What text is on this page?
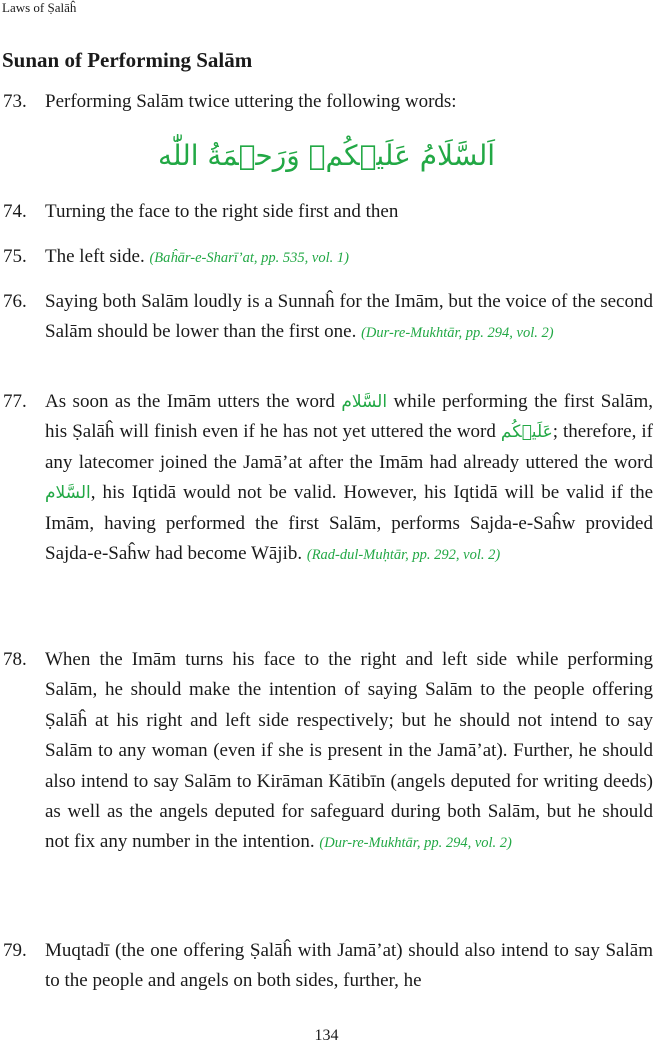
Laws of Ṣalāĥ
Sunan of Performing Salām
73. Performing Salām twice uttering the following words:
اَلسَّلَامُ عَلَيۡكُمۡ وَرَحۡمَةُ اللّٰه
74. Turning the face to the right side first and then
75. The left side. (Baĥār-e-Sharī’at, pp. 535, vol. 1)
76. Saying both Salām loudly is a Sunnaĥ for the Imām, but the voice of the second Salām should be lower than the first one. (Dur-re-Mukhtār, pp. 294, vol. 2)
77. As soon as the Imām utters the word السَّلام while performing the first Salām, his Ṣalāĥ will finish even if he has not yet uttered the word عَلَيۡكُم; therefore, if any latecomer joined the Jamā’at after the Imām had already uttered the word السَّلام, his Iqtidā would not be valid. However, his Iqtidā will be valid if the Imām, having performed the first Salām, performs Sajda-e-Saĥw provided Sajda-e-Saĥw had become Wājib. (Rad-dul-Muḥtār, pp. 292, vol. 2)
78. When the Imām turns his face to the right and left side while performing Salām, he should make the intention of saying Salām to the people offering Ṣalāĥ at his right and left side respectively; but he should not intend to say Salām to any woman (even if she is present in the Jamā’at). Further, he should also intend to say Salām to Kirāman Kātibīn (angels deputed for writing deeds) as well as the angels deputed for safeguard during both Salām, but he should not fix any number in the intention. (Dur-re-Mukhtār, pp. 294, vol. 2)
79. Muqtadī (the one offering Ṣalāĥ with Jamā’at) should also intend to say Salām to the people and angels on both sides, further, he
134
